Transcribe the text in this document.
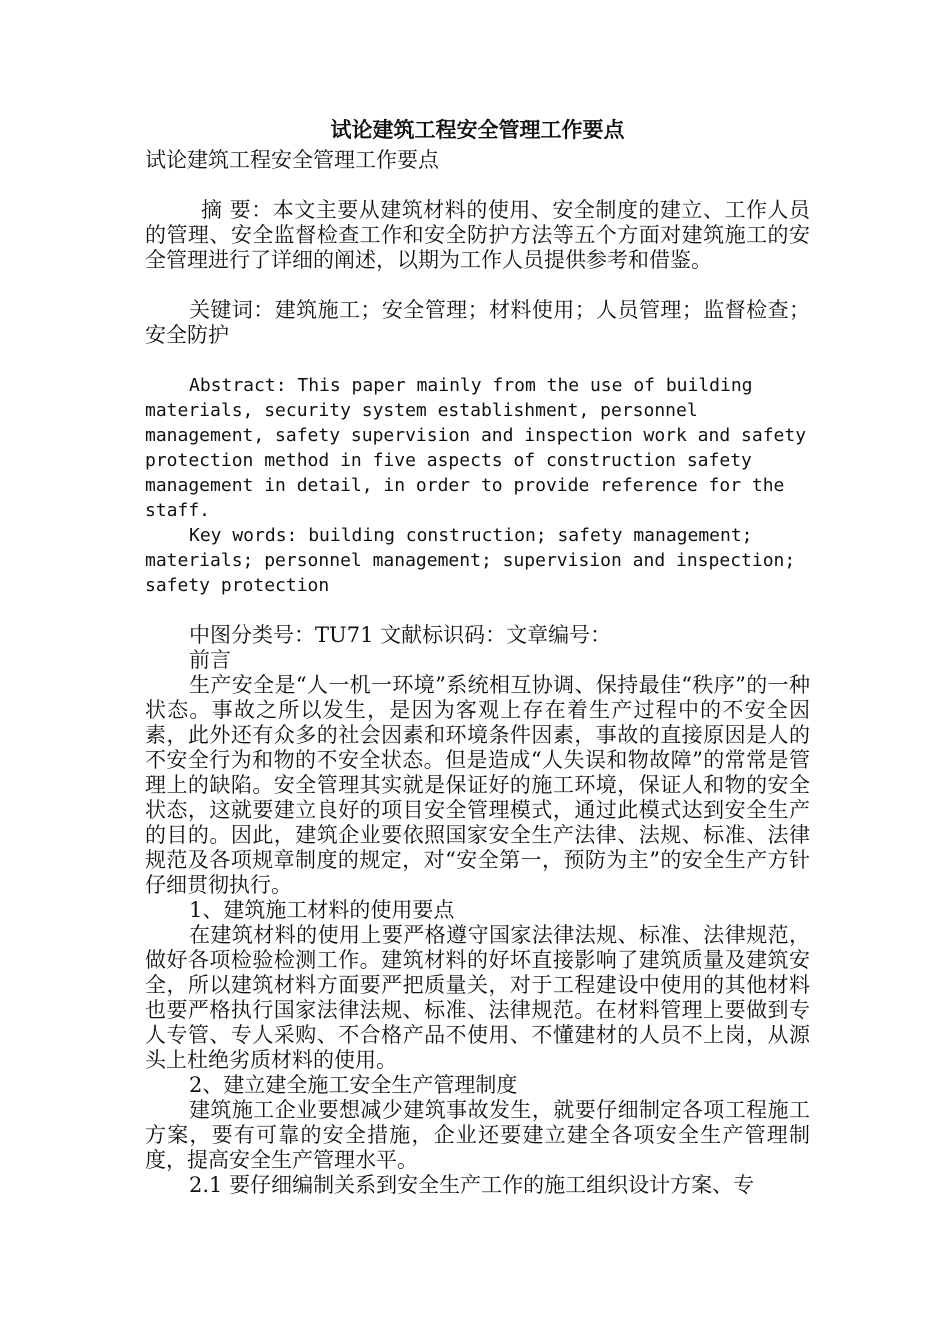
试论建筑工程安全管理工作要点

试论建筑工程安全管理工作要点

摘 要：本文主要从建筑材料的使用、安全制度的建立、工作人员的管理、安全监督检查工作和安全防护方法等五个方面对建筑施工的安全管理进行了详细的阐述，以期为工作人员提供参考和借鉴。

关键词：建筑施工；安全管理；材料使用；人员管理；监督检查；安全防护

Abstract: This paper mainly from the use of building materials, security system establishment, personnel management, safety supervision and inspection work and safety protection method in five aspects of construction safety management in detail, in order to provide reference for the staff.

Key words: building construction; safety management; materials; personnel management; supervision and inspection; safety protection

中图分类号：TU71 文献标识码：文章编号：

前言

生产安全是“人一机一环境”系统相互协调、保持最佳“秩序”的一种状态。事故之所以发生，是因为客观上存在着生产过程中的不安全因素，此外还有众多的社会因素和环境条件因素，事故的直接原因是人的不安全行为和物的不安全状态。但是造成“人失误和物故障”的常常是管理上的缺陷。安全管理其实就是保证好的施工环境，保证人和物的安全状态，这就要建立良好的项目安全管理模式，通过此模式达到安全生产的目的。因此，建筑企业要依照国家安全生产法律、法规、标准、法律规范及各项规章制度的规定，对“安全第一，预防为主”的安全生产方针仔细贯彻执行。

1、建筑施工材料的使用要点

在建筑材料的使用上要严格遵守国家法律法规、标准、法律规范，做好各项检验检测工作。建筑材料的好坏直接影响了建筑质量及建筑安全，所以建筑材料方面要严把质量关，对于工程建设中使用的其他材料也要严格执行国家法律法规、标准、法律规范。在材料管理上要做到专人专管、专人采购、不合格产品不使用、不懂建材的人员不上岗，从源头上杜绝劣质材料的使用。

2、建立建全施工安全生产管理制度

建筑施工企业要想减少建筑事故发生，就要仔细制定各项工程施工方案，要有可靠的安全措施，企业还要建立建全各项安全生产管理制度，提高安全生产管理水平。

2.1 要仔细编制关系到安全生产工作的施工组织设计方案、专
